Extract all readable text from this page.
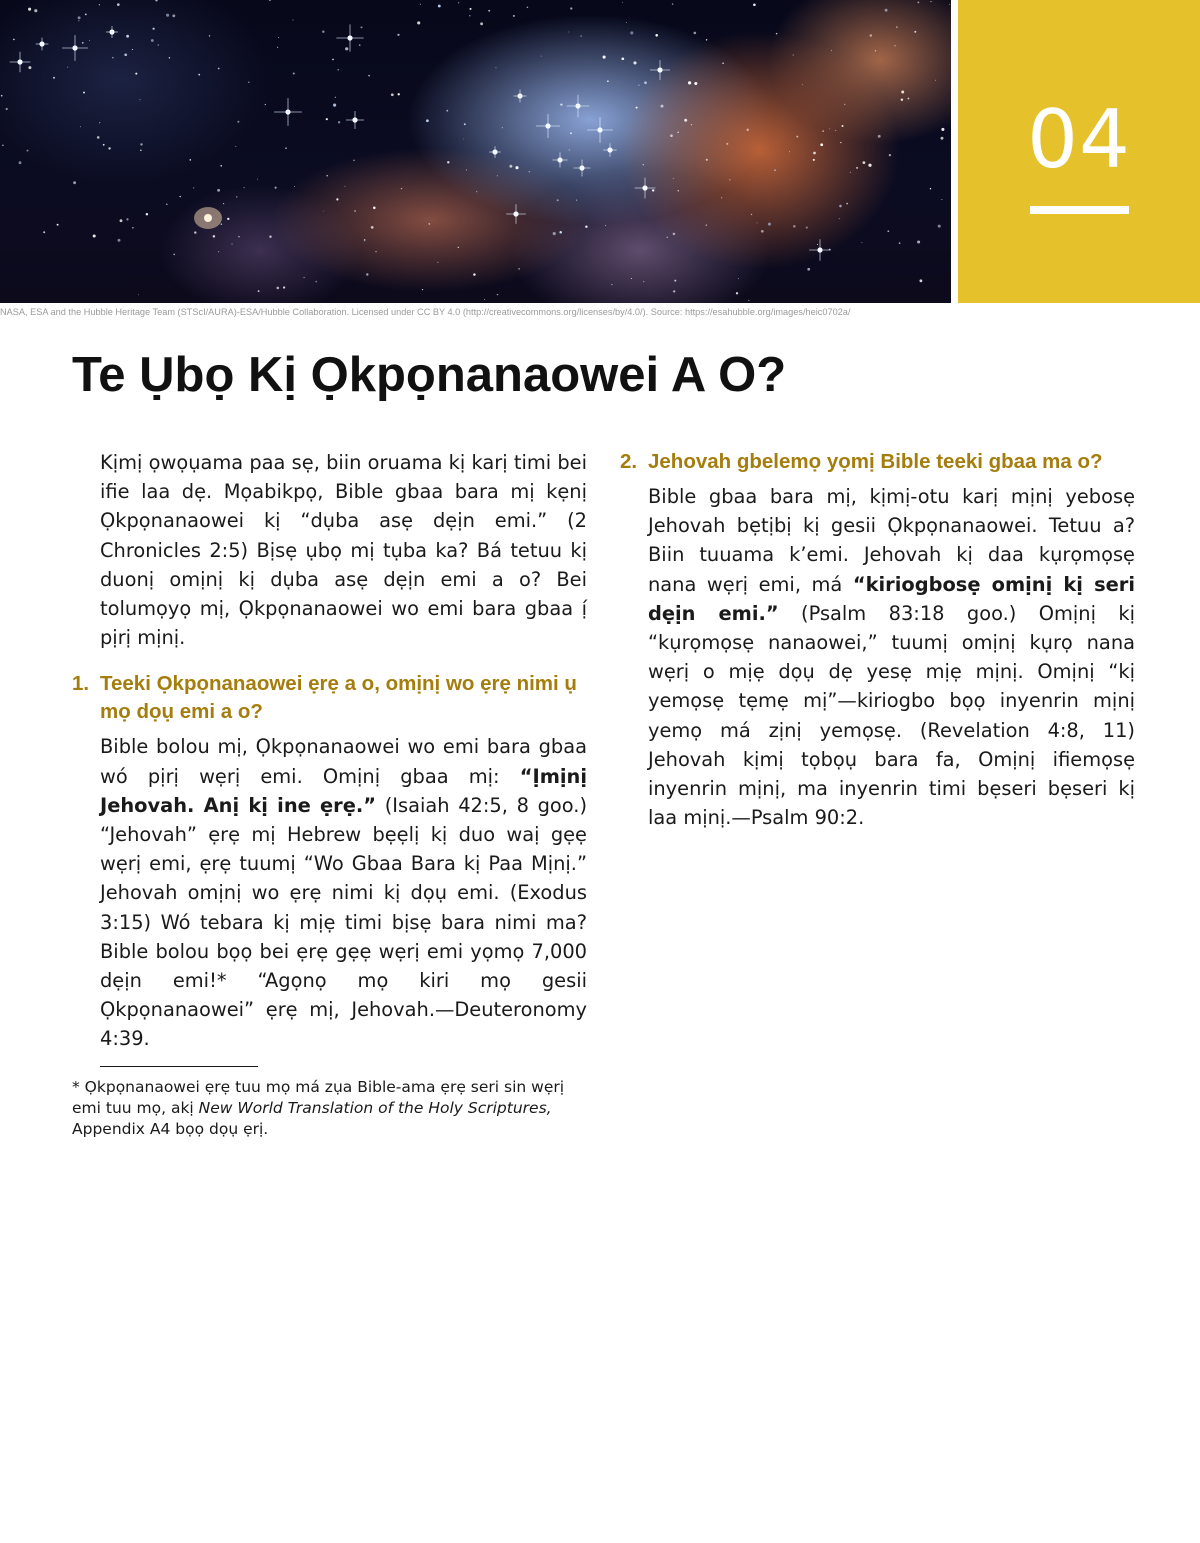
04
NASA, ESA and the Hubble Heritage Team (STScI/AURA)-ESA/Hubble Collaboration. Licensed under CC BY 4.0 (http://creativecommons.org/licenses/by/4.0/). Source: https://esahubble.org/images/heic0702a/
Te Ụbọ Kị Ọkpọnanaowei A O?

Kịmị ọwọụama paa sẹ, biin oruama kị karị timi bei ifie laa dẹ. Mọabikpọ, Bible gbaa bara mị kẹnị Ọkpọnanaowei kị “dụba asẹ dẹịn emi.” (2 Chronicles 2:5) Bịsẹ ụbọ mị tụba ka? Bá tetuu kị duonị omịnị kị dụba asẹ dẹịn emi a o? Bei tolumọyọ mị, Ọkpọnanaowei wo emi bara gbaa ị́ pịrị mịnị.

1. Teeki Ọkpọnanaowei ẹrẹ a o, omịnị wo ẹrẹ nimi ụ mọ dọụ emi a o?

Bible bolou mị, Ọkpọnanaowei wo emi bara gbaa wó pịrị wẹrị emi. Omịnị gbaa mị: “Ịmịnị Jehovah. Anị kị ine ẹrẹ.” (Isaiah 42:5, 8 goo.) “Jehovah” ẹrẹ mị Hebrew bẹẹlị kị duo waị gẹẹ wẹrị emi, ẹrẹ tuumị “Wo Gbaa Bara kị Paa Mịnị.” Jehovah omịnị wo ẹrẹ nimi kị dọụ emi. (Exodus 3:15) Wó tebara kị mịẹ timi bịsẹ bara nimi ma? Bible bolou bọọ bei ẹrẹ gẹẹ wẹrị emi yọmọ 7,000 dẹịn emi!* “Agọnọ mọ kiri mọ gesii Ọkpọnanaowei” ẹrẹ mị, Jehovah.—Deuteronomy 4:39.

* Ọkpọnanaowei ẹrẹ tuu mọ má zụa Bible-ama ẹrẹ seri sin wẹrị emi tuu mọ, akị New World Translation of the Holy Scriptures, Appendix A4 bọọ dọụ ẹrị.

2. Jehovah gbelemọ yọmị Bible teeki gbaa ma o?

Bible gbaa bara mị, kịmị-otu karị mịnị yebosẹ Jehovah bẹtịbị kị gesii Ọkpọnanaowei. Tetuu a? Biin tuuama k’emi. Jehovah kị daa kụrọmọsẹ nana wẹrị emi, má “kiriogbosẹ omịnị kị seri dẹịn emi.” (Psalm 83:18 goo.) Omịnị kị “kụrọmọsẹ nanaowei,” tuumị omịnị kụrọ nana wẹrị o mịẹ dọụ dẹ yesẹ mịẹ mịnị. Omịnị “kị yemọsẹ tẹmẹ mị”—kiriogbo bọọ inyenrin mịnị yemọ má zịnị yemọsẹ. (Revelation 4:8, 11) Jehovah kịmị tọbọụ bara fa, Omịnị ifiemọsẹ inyenrin mịnị, ma inyenrin timi bẹseri bẹseri kị laa mịnị.—Psalm 90:2.
